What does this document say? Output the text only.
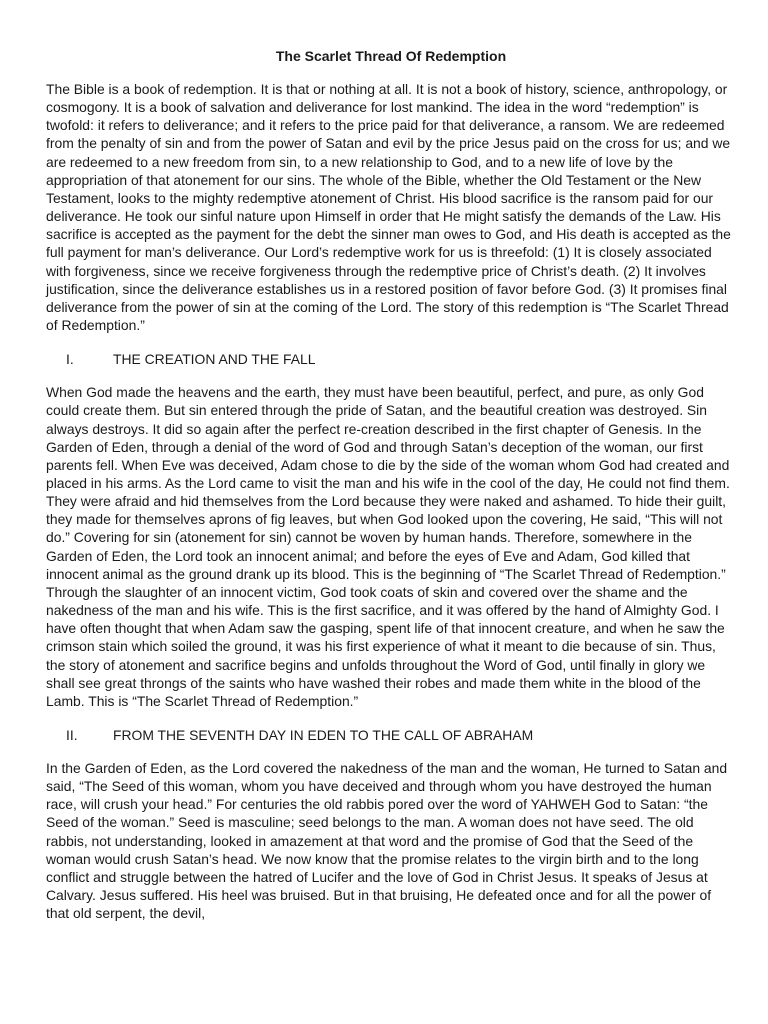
The Scarlet Thread Of Redemption

The Bible is a book of redemption. It is that or nothing at all. It is not a book of history, science, anthropology, or cosmogony. It is a book of salvation and deliverance for lost mankind. The idea in the word “redemption” is twofold: it refers to deliverance; and it refers to the price paid for that deliverance, a ransom. We are redeemed from the penalty of sin and from the power of Satan and evil by the price Jesus paid on the cross for us; and we are redeemed to a new freedom from sin, to a new relationship to God, and to a new life of love by the appropriation of that atonement for our sins. The whole of the Bible, whether the Old Testament or the New Testament, looks to the mighty redemptive atonement of Christ. His blood sacrifice is the ransom paid for our deliverance. He took our sinful nature upon Himself in order that He might satisfy the demands of the Law. His sacrifice is accepted as the payment for the debt the sinner man owes to God, and His death is accepted as the full payment for man’s deliverance. Our Lord’s redemptive work for us is threefold: (1) It is closely associated with forgiveness, since we receive forgiveness through the redemptive price of Christ’s death. (2) It involves justification, since the deliverance establishes us in a restored position of favor before God. (3) It promises final deliverance from the power of sin at the coming of the Lord. The story of this redemption is “The Scarlet Thread of Redemption.”

I.	THE CREATION AND THE FALL

When God made the heavens and the earth, they must have been beautiful, perfect, and pure, as only God could create them. But sin entered through the pride of Satan, and the beautiful creation was destroyed. Sin always destroys. It did so again after the perfect re-creation described in the first chapter of Genesis. In the Garden of Eden, through a denial of the word of God and through Satan’s deception of the woman, our first parents fell. When Eve was deceived, Adam chose to die by the side of the woman whom God had created and placed in his arms. As the Lord came to visit the man and his wife in the cool of the day, He could not find them. They were afraid and hid themselves from the Lord because they were naked and ashamed. To hide their guilt, they made for themselves aprons of fig leaves, but when God looked upon the covering, He said, “This will not do.” Covering for sin (atonement for sin) cannot be woven by human hands. Therefore, somewhere in the Garden of Eden, the Lord took an innocent animal; and before the eyes of Eve and Adam, God killed that innocent animal as the ground drank up its blood. This is the beginning of “The Scarlet Thread of Redemption.” Through the slaughter of an innocent victim, God took coats of skin and covered over the shame and the nakedness of the man and his wife. This is the first sacrifice, and it was offered by the hand of Almighty God. I have often thought that when Adam saw the gasping, spent life of that innocent creature, and when he saw the crimson stain which soiled the ground, it was his first experience of what it meant to die because of sin. Thus, the story of atonement and sacrifice begins and unfolds throughout the Word of God, until finally in glory we shall see great throngs of the saints who have washed their robes and made them white in the blood of the Lamb. This is “The Scarlet Thread of Redemption.”

II.	FROM THE SEVENTH DAY IN EDEN TO THE CALL OF ABRAHAM

In the Garden of Eden, as the Lord covered the nakedness of the man and the woman, He turned to Satan and said, “The Seed of this woman, whom you have deceived and through whom you have destroyed the human race, will crush your head.” For centuries the old rabbis pored over the word of YAHWEH God to Satan: “the Seed of the woman.” Seed is masculine; seed belongs to the man. A woman does not have seed. The old rabbis, not understanding, looked in amazement at that word and the promise of God that the Seed of the woman would crush Satan’s head. We now know that the promise relates to the virgin birth and to the long conflict and struggle between the hatred of Lucifer and the love of God in Christ Jesus. It speaks of Jesus at Calvary. Jesus suffered. His heel was bruised. But in that bruising, He defeated once and for all the power of that old serpent, the devil,
